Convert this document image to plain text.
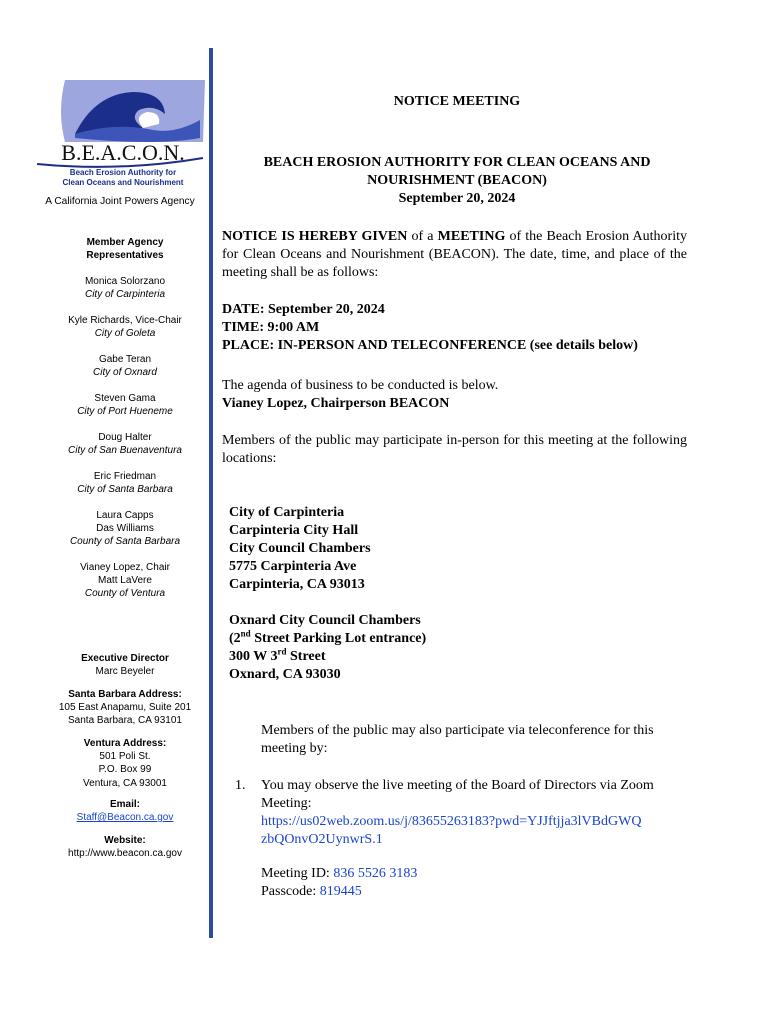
B.E.A.C.O.N.
Beach Erosion Authority for
Clean Oceans and Nourishment
A California Joint Powers Agency
Member Agency
Representatives
Monica Solorzano
City of Carpinteria
Kyle Richards, Vice-Chair
City of Goleta
Gabe Teran
City of Oxnard
Steven Gama
City of Port Hueneme
Doug Halter
City of San Buenaventura
Eric Friedman
City of Santa Barbara
Laura Capps
Das Williams
County of Santa Barbara
Vianey Lopez, Chair
Matt LaVere
County of Ventura
Executive Director
Marc Beyeler
Santa Barbara Address:
105 East Anapamu, Suite 201
Santa Barbara, CA 93101
Ventura Address:
501 Poli St.
P.O. Box 99
Ventura, CA 93001
Email:
Staff@Beacon.ca.gov
Website:
http://www.beacon.ca.gov
NOTICE MEETING
BEACH EROSION AUTHORITY FOR CLEAN OCEANS AND
NOURISHMENT (BEACON)
September 20, 2024
NOTICE IS HEREBY GIVEN of a MEETING of the Beach Erosion Authority for Clean Oceans and Nourishment (BEACON). The date, time, and place of the meeting shall be as follows:
DATE: September 20, 2024
TIME: 9:00 AM
PLACE: IN-PERSON AND TELECONFERENCE (see details below)
The agenda of business to be conducted is below.
Vianey Lopez, Chairperson BEACON
Members of the public may participate in-person for this meeting at the following locations:
City of Carpinteria
Carpinteria City Hall
City Council Chambers
5775 Carpinteria Ave
Carpinteria, CA 93013
Oxnard City Council Chambers
(2nd Street Parking Lot entrance)
300 W 3rd Street
Oxnard, CA 93030
Members of the public may also participate via teleconference for this meeting by:
1.	You may observe the live meeting of the Board of Directors via Zoom Meeting:
https://us02web.zoom.us/j/83655263183?pwd=YJJftjja3lVBdGWQ
zbQOnvO2UynwrS.1
Meeting ID: 836 5526 3183
Passcode: 819445
